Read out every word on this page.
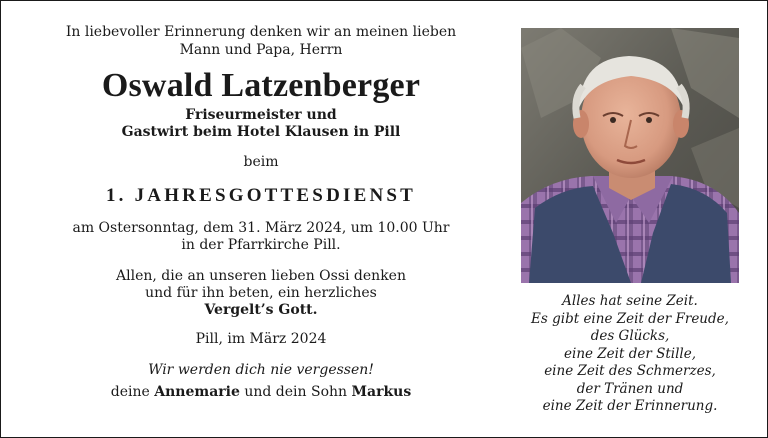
In liebevoller Erinnerung denken wir an meinen lieben
Mann und Papa, Herrn
Oswald Latzenberger
Friseurmeister und
Gastwirt beim Hotel Klausen in Pill
beim
1. JAHRESGOTTESDIENST
am Ostersonntag, dem 31. März 2024, um 10.00 Uhr
in der Pfarrkirche Pill.
Allen, die an unseren lieben Ossi denken
und für ihn beten, ein herzliches
Vergelt’s Gott.
Pill, im März 2024
Wir werden dich nie vergessen!
deine Annemarie und dein Sohn Markus
Alles hat seine Zeit.
Es gibt eine Zeit der Freude,
des Glücks,
eine Zeit der Stille,
eine Zeit des Schmerzes,
der Tränen und
eine Zeit der Erinnerung.
